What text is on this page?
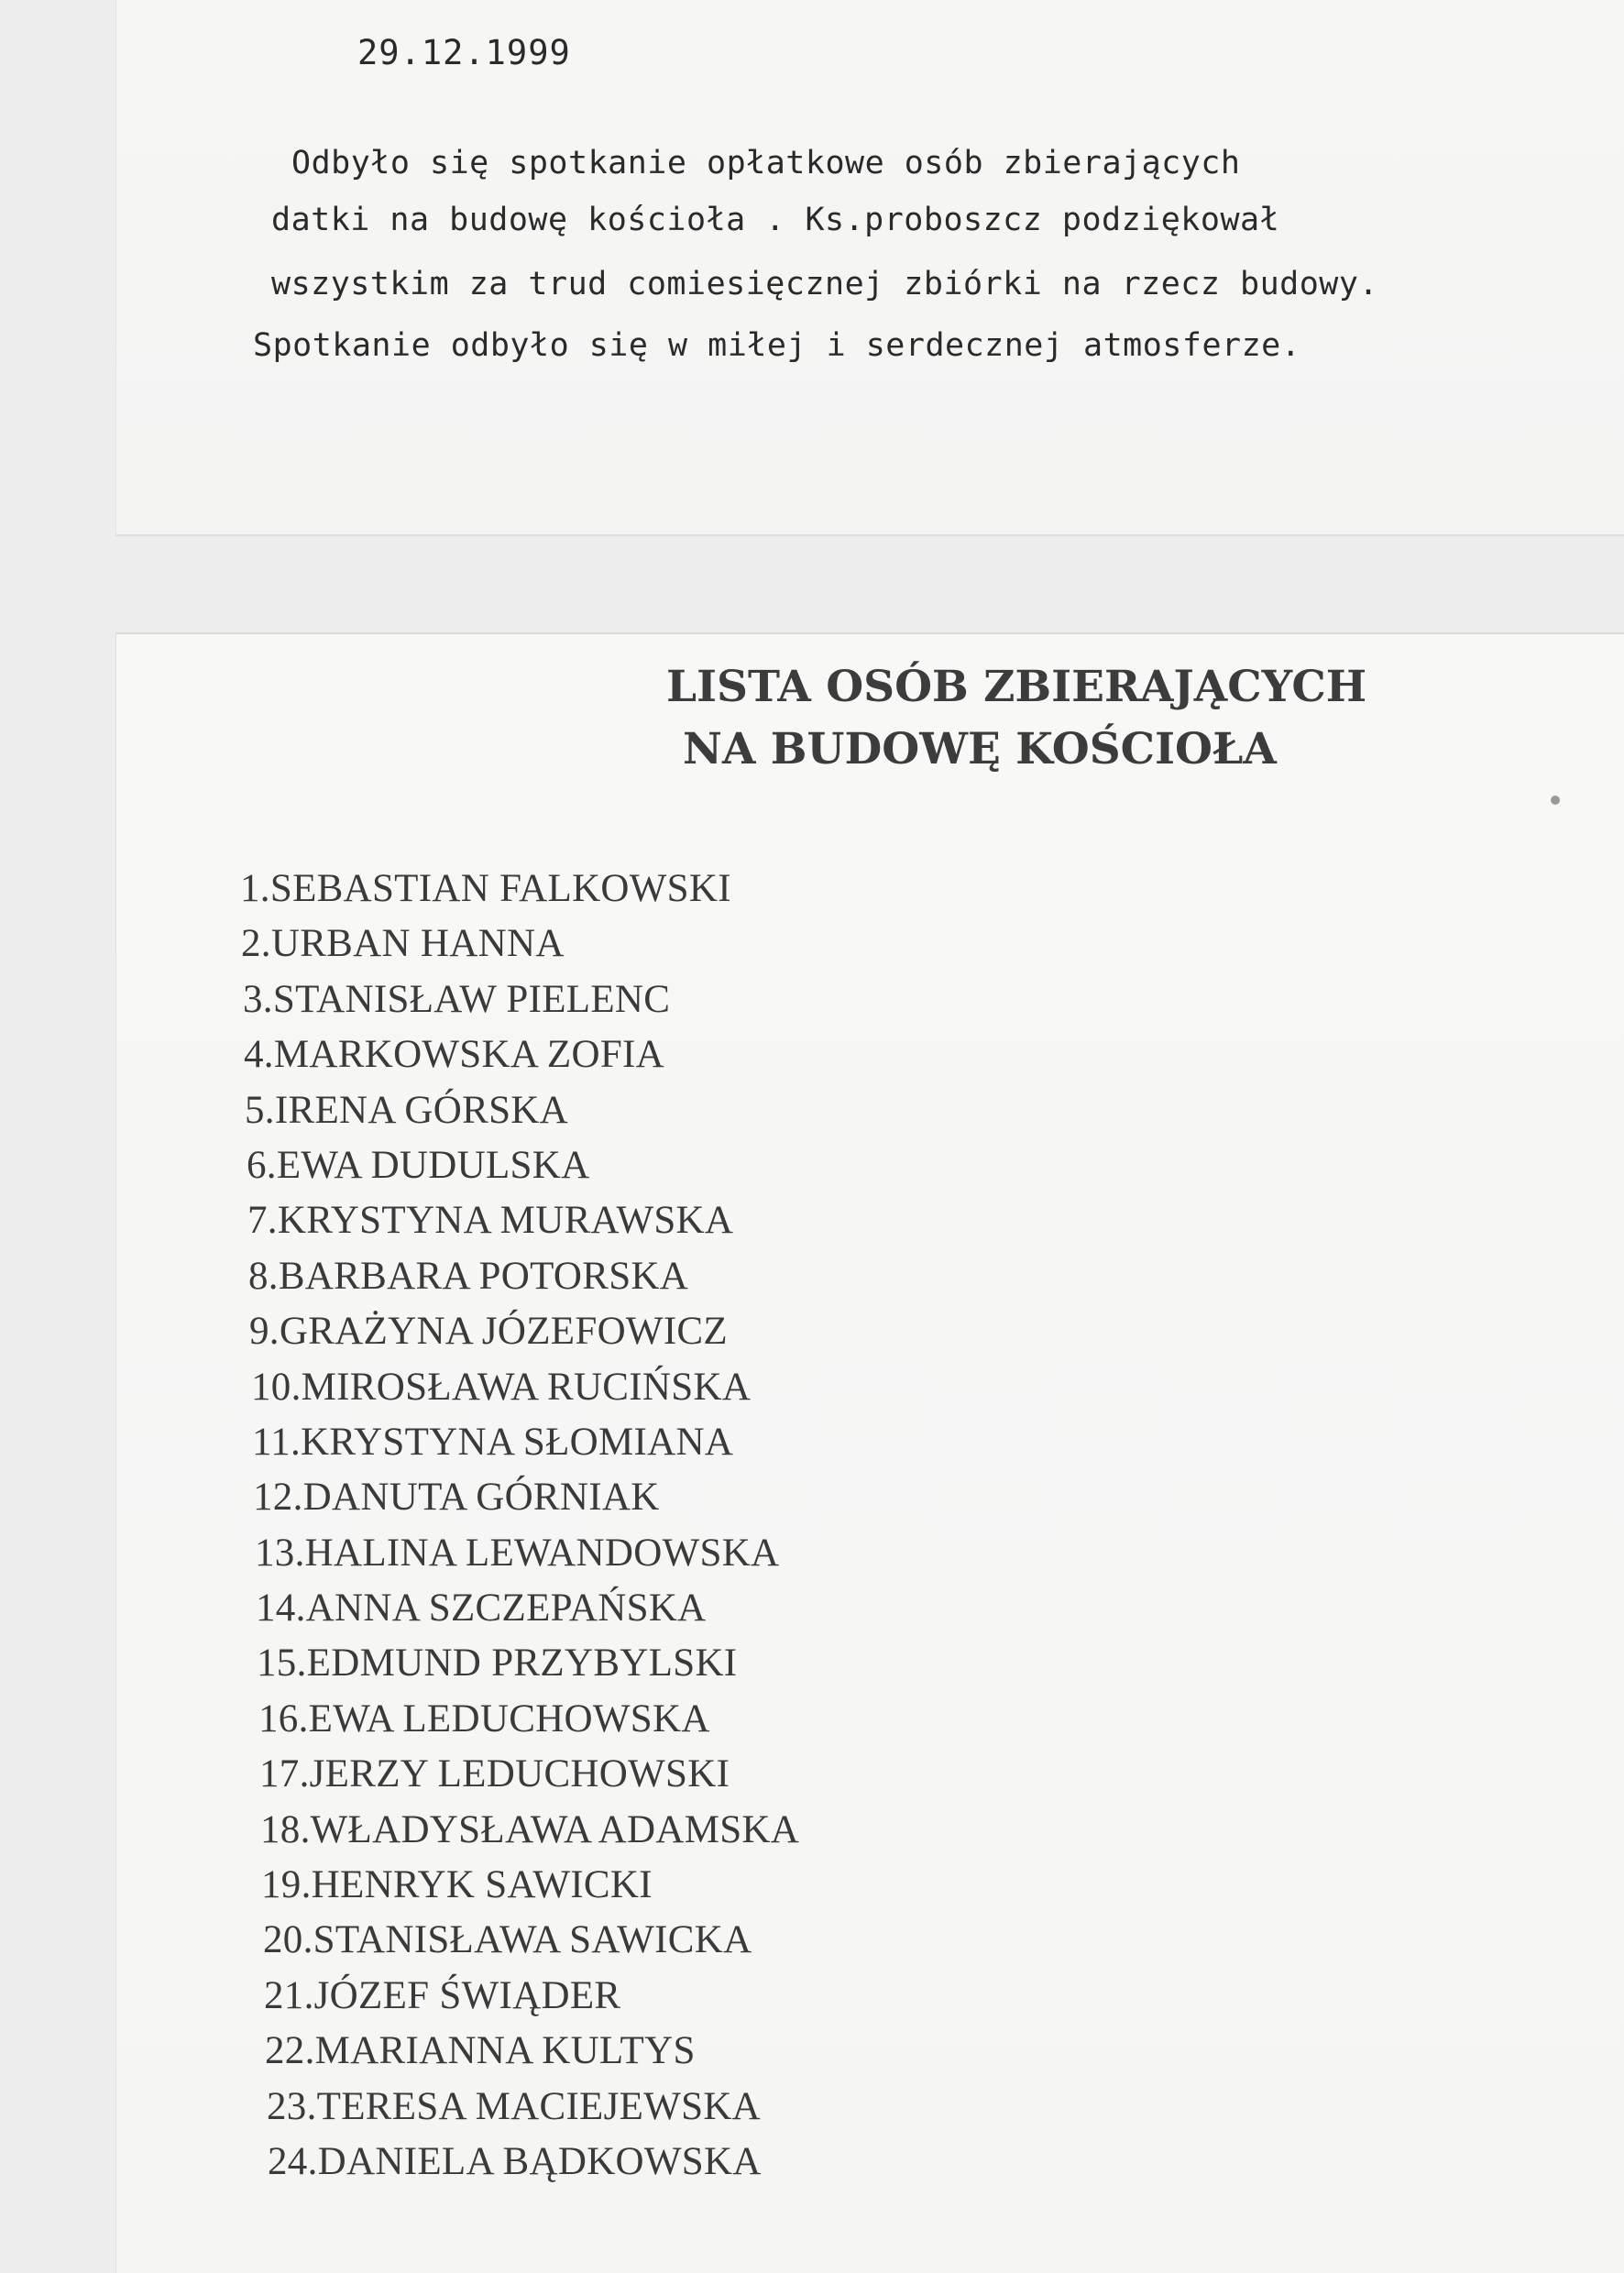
29.12.1999
Odbyło się spotkanie opłatkowe osób zbierających
datki na budowę kościoła . Ks.proboszcz podziękował
wszystkim za trud comiesięcznej zbiórki na rzecz budowy.
Spotkanie odbyło się w miłej i serdecznej atmosferze.
LISTA OSÓB ZBIERAJĄCYCH
NA BUDOWĘ KOŚCIOŁA
1.SEBASTIAN FALKOWSKI
2.URBAN HANNA
3.STANISŁAW PIELENC
4.MARKOWSKA ZOFIA
5.IRENA GÓRSKA
6.EWA DUDULSKA
7.KRYSTYNA MURAWSKA
8.BARBARA POTORSKA
9.GRAŻYNA JÓZEFOWICZ
10.MIROSŁAWA RUCIŃSKA
11.KRYSTYNA SŁOMIANA
12.DANUTA GÓRNIAK
13.HALINA LEWANDOWSKA
14.ANNA SZCZEPAŃSKA
15.EDMUND PRZYBYLSKI
16.EWA LEDUCHOWSKA
17.JERZY LEDUCHOWSKI
18.WŁADYSŁAWA ADAMSKA
19.HENRYK SAWICKI
20.STANISŁAWA SAWICKA
21.JÓZEF ŚWIĄDER
22.MARIANNA KULTYS
23.TERESA MACIEJEWSKA
24.DANIELA BĄDKOWSKA
